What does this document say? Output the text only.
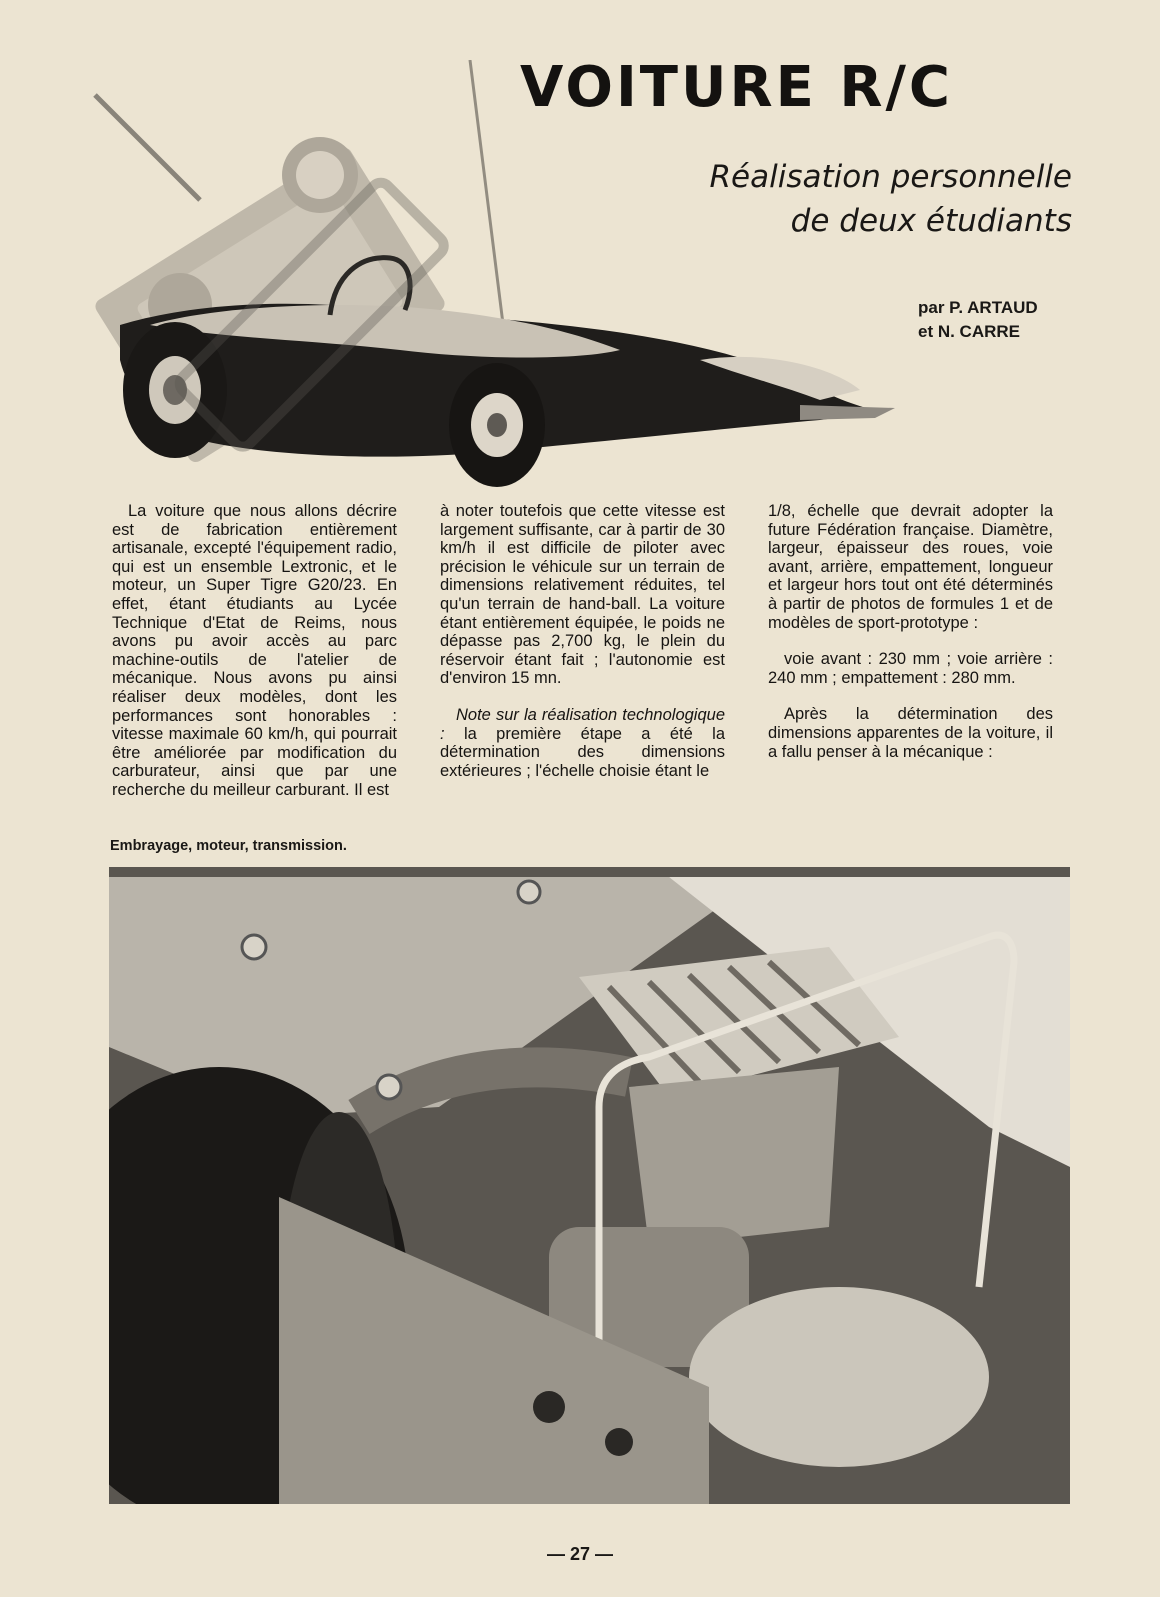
VOITURE R/C
Réalisation personnelle
de deux étudiants
par P. ARTAUD
et N. CARRE

La voiture que nous allons décrire est de fabrication entièrement artisanale, excepté l'équipement radio, qui est un ensemble Lextronic, et le moteur, un Super Tigre G20/23. En effet, étant étudiants au Lycée Technique d'Etat de Reims, nous avons pu avoir accès au parc machine-outils de l'atelier de mécanique. Nous avons pu ainsi réaliser deux modèles, dont les performances sont honorables : vitesse maximale 60 km/h, qui pourrait être améliorée par modification du carburateur, ainsi que par une recherche du meilleur carburant. Il est

à noter toutefois que cette vitesse est largement suffisante, car à partir de 30 km/h il est difficile de piloter avec précision le véhicule sur un terrain de dimensions relativement réduites, tel qu'un terrain de hand-ball. La voiture étant entièrement équipée, le poids ne dépasse pas 2,700 kg, le plein du réservoir étant fait ; l'autonomie est d'environ 15 mn.

Note sur la réalisation technologique : la première étape a été la détermination des dimensions extérieures ; l'échelle choisie étant le

1/8, échelle que devrait adopter la future Fédération française. Diamètre, largeur, épaisseur des roues, voie avant, arrière, empattement, longueur et largeur hors tout ont été déterminés à partir de photos de formules 1 et de modèles de sport-prototype :

voie avant : 230 mm ; voie arrière : 240 mm ; empattement : 280 mm.

Après la détermination des dimensions apparentes de la voiture, il a fallu penser à la mécanique :

Embrayage, moteur, transmission.
— 27 —
